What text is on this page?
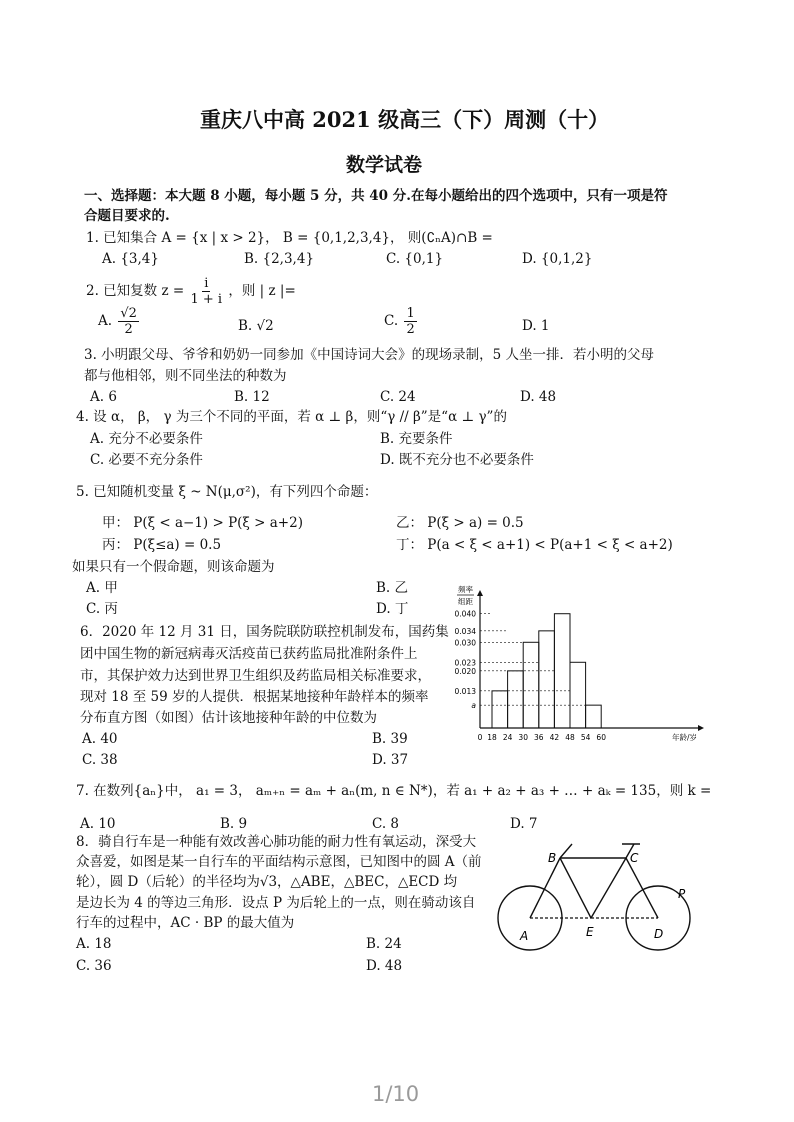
重庆八中高 2021 级高三（下）周测（十）
数学试卷
一、选择题：本大题 8 小题，每小题 5 分，共 40 分.在每小题给出的四个选项中，只有一项是符
合题目要求的.
1. 已知集合 A = {x | x > 2}， B = {0,1,2,3,4}， 则(∁ₙA)∩B =
A. {3,4}	B. {2,3,4}	C. {0,1}	D. {0,1,2}
2. 已知复数 $z = \frac{i}{1 + i}$ ，则 | z |=
A. $\frac{√2}{2}$	B. √2	C. $\frac{1}{2}$	D. 1
3. 小明跟父母、爷爷和奶奶一同参加《中国诗词大会》的现场录制，5 人坐一排．若小明的父母
都与他相邻，则不同坐法的种数为
A. 6	B. 12	C. 24	D. 48
4. 设 α， β， γ 为三个不同的平面，若 α ⊥ β，则“γ // β”是“α ⊥ γ”的
A. 充分不必要条件	B. 充要条件
C. 必要不充分条件	D. 既不充分也不必要条件
5. 已知随机变量 ξ ~ N(μ,σ²)，有下列四个命题：
甲： P(ξ < a−1) > P(ξ > a+2)	乙： P(ξ > a) = 0.5
丙： P(ξ≤a) = 0.5	丁： P(a < ξ < a+1) < P(a+1 < ξ < a+2)
如果只有一个假命题，则该命题为
A. 甲	B. 乙
C. 丙	D. 丁
6．2020 年 12 月 31 日，国务院联防联控机制发布，国药集
团中国生物的新冠病毒灭活疫苗已获药监局批准附条件上
市，其保护效力达到世界卫生组织及药监局相关标准要求，
现对 18 至 59 岁的人提供．根据某地接种年龄样本的频率
分布直方图（如图）估计该地接种年龄的中位数为
A. 40	B. 39
C. 38	D. 37
0.040
0.034
0.030
0.023
0.020
0.013
a
0 18 24 30 36 42 48 54 60	年龄/岁
频率
组距
7. 在数列{aₙ}中， a₁ = 3， aₘ₊ₙ = aₘ + aₙ(m, n ∈ N*)，若 a₁ + a₂ + a₃ + … + aₖ = 135，则 k =
A. 10	B. 9	C. 8	D. 7
8．骑自行车是一种能有效改善心肺功能的耐力性有氧运动，深受大
众喜爱，如图是某一自行车的平面结构示意图，已知图中的圆 A（前
轮），圆 D（后轮）的半径均为√3，△ABE，△BEC，△ECD 均
是边长为 4 的等边三角形．设点 P 为后轮上的一点，则在骑动该自
行车的过程中，AC · BP 的最大值为
A. 18	B. 24
C. 36	D. 48
A
B	C
D
E
P
1/10
